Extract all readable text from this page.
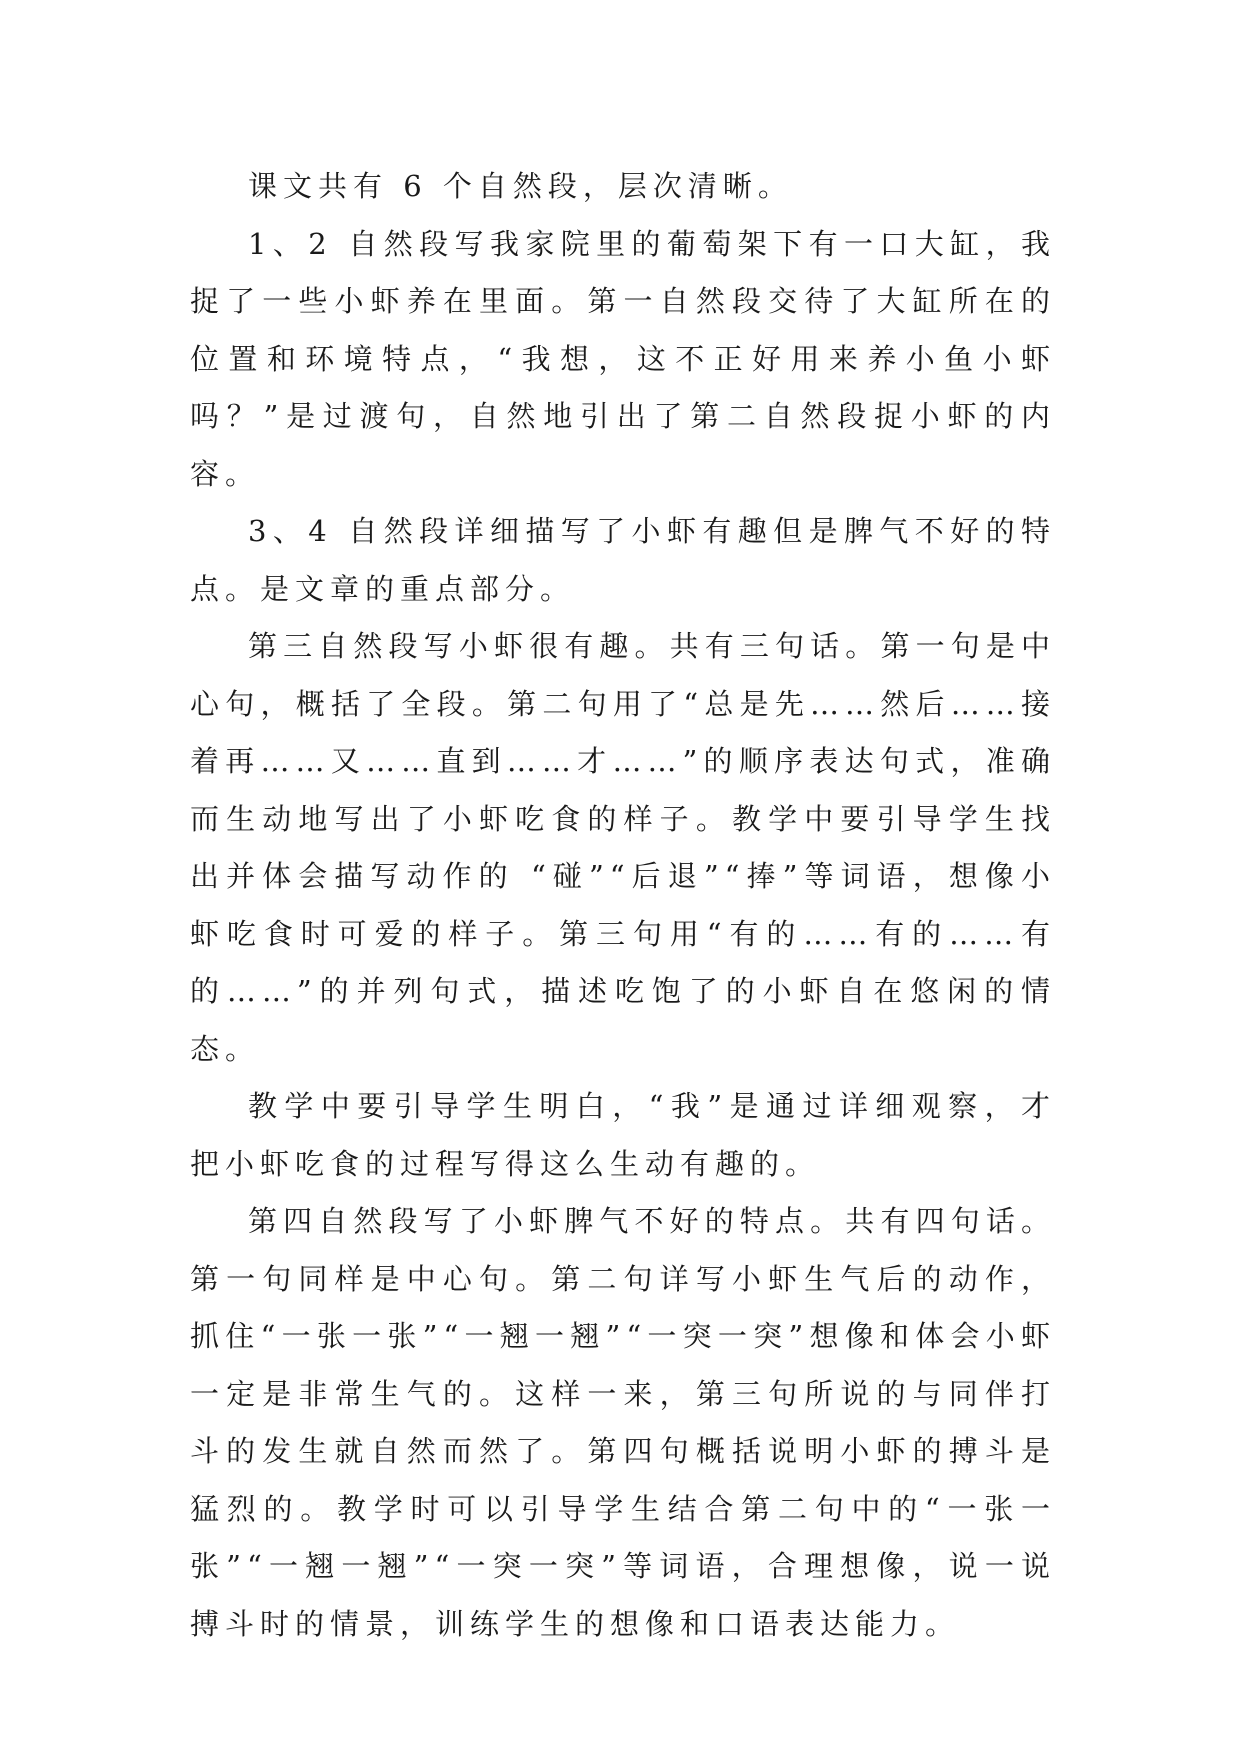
课文共有 6 个自然段，层次清晰。

1、2 自然段写我家院里的葡萄架下有一口大缸，我捉了一些小虾养在里面。第一自然段交待了大缸所在的位置和环境特点，“我想，这不正好用来养小鱼小虾吗？”是过渡句，自然地引出了第二自然段捉小虾的内容。

3、4 自然段详细描写了小虾有趣但是脾气不好的特点。是文章的重点部分。

第三自然段写小虾很有趣。共有三句话。第一句是中心句，概括了全段。第二句用了“总是先……然后……接着再……又……直到……才……”的顺序表达句式，准确而生动地写出了小虾吃食的样子。教学中要引导学生找出并体会描写动作的 “碰”“后退”“捧”等词语，想像小虾吃食时可爱的样子。第三句用“有的……有的……有的……”的并列句式，描述吃饱了的小虾自在悠闲的情态。

教学中要引导学生明白，“我”是通过详细观察，才把小虾吃食的过程写得这么生动有趣的。

第四自然段写了小虾脾气不好的特点。共有四句话。第一句同样是中心句。第二句详写小虾生气后的动作，抓住“一张一张”“一翘一翘”“一突一突”想像和体会小虾一定是非常生气的。这样一来，第三句所说的与同伴打斗的发生就自然而然了。第四句概括说明小虾的搏斗是猛烈的。教学时可以引导学生结合第二句中的“一张一张”“一翘一翘”“一突一突”等词语，合理想像，说一说搏斗时的情景，训练学生的想像和口语表达能力。
